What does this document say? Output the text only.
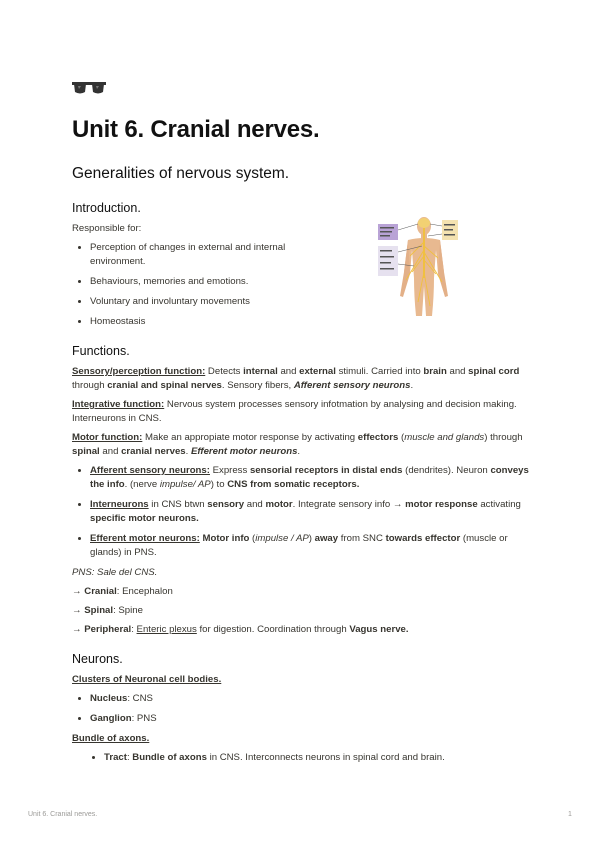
Unit 6. Cranial nerves.
Generalities of nervous system.
Introduction.

Responsible for:

• Perception of changes in external and internal environment.
• Behaviours, memories and emotions.
• Voluntary and involuntary movements
• Homeostasis
Functions.

Sensory/perception function: Detects internal and external stimuli. Carried into brain and spinal cord through cranial and spinal nerves. Sensory fibers, Afferent sensory neurons.

Integrative function: Nervous system processes sensory infotmation by analysing and decision making. Interneurons in CNS.

Motor function: Make an appropiate motor response by activating effectors (muscle and glands) through spinal and cranial nerves. Efferent motor neurons.

• Afferent sensory neurons: Express sensorial receptors in distal ends (dendrites). Neuron conveys the info. (nerve impulse/ AP) to CNS from somatic receptors.
• Interneurons in CNS btwn sensory and motor. Integrate sensory info → motor response activating specific motor neurons.
• Efferent motor neurons: Motor info (impulse / AP) away from SNC towards effector (muscle or glands) in PNS.

PNS: Sale del CNS.

→ Cranial: Encephalon

→ Spinal: Spine

→ Peripheral: Enteric plexus for digestion. Coordination through Vagus nerve.

Neurons.

Clusters of Neuronal cell bodies.

• Nucleus: CNS
• Ganglion: PNS

Bundle of axons.

• Tract: Bundle of axons in CNS. Interconnects neurons in spinal cord and brain.
Unit 6. Cranial nerves.	1
